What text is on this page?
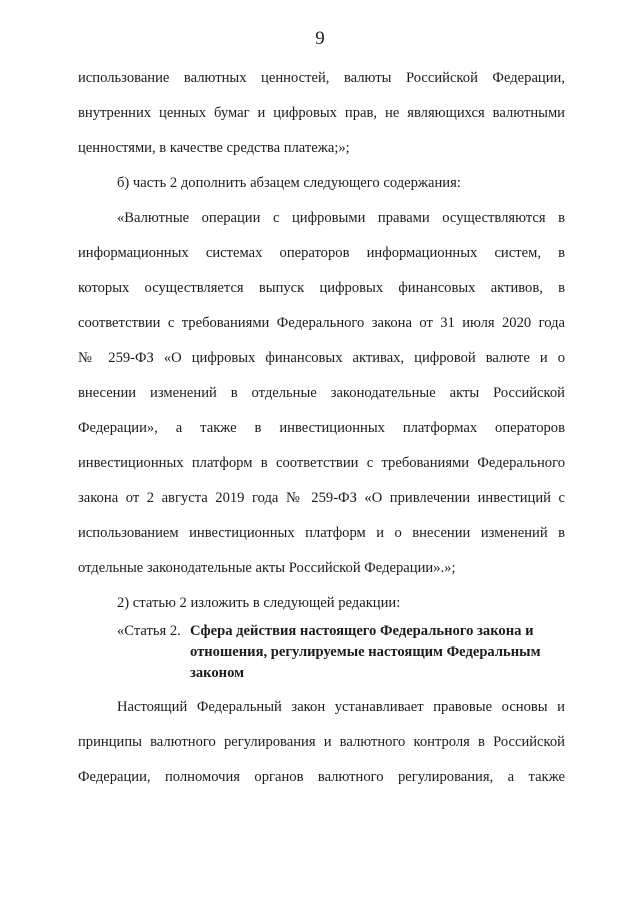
9
использование валютных ценностей, валюты Российской Федерации,
внутренних ценных бумаг и цифровых прав, не являющихся валютными
ценностями, в качестве средства платежа;»;
б) часть 2 дополнить абзацем следующего содержания:
«Валютные операции с цифровыми правами осуществляются в
информационных системах операторов информационных систем, в
которых осуществляется выпуск цифровых финансовых активов, в
соответствии с требованиями Федерального закона от 31 июля 2020 года
№ 259-ФЗ «О цифровых финансовых активах, цифровой валюте и о
внесении изменений в отдельные законодательные акты Российской
Федерации», а также в инвестиционных платформах операторов
инвестиционных платформ в соответствии с требованиями Федерального
закона от 2 августа 2019 года № 259-ФЗ «О привлечении инвестиций с
использованием инвестиционных платформ и о внесении изменений в
отдельные законодательные акты Российской Федерации».»;
2) статью 2 изложить в следующей редакции:
«Статья 2. Сфера действия настоящего Федерального закона и
отношения, регулируемые настоящим Федеральным
законом
Настоящий Федеральный закон устанавливает правовые основы и
принципы валютного регулирования и валютного контроля в Российской
Федерации, полномочия органов валютного регулирования, а также
